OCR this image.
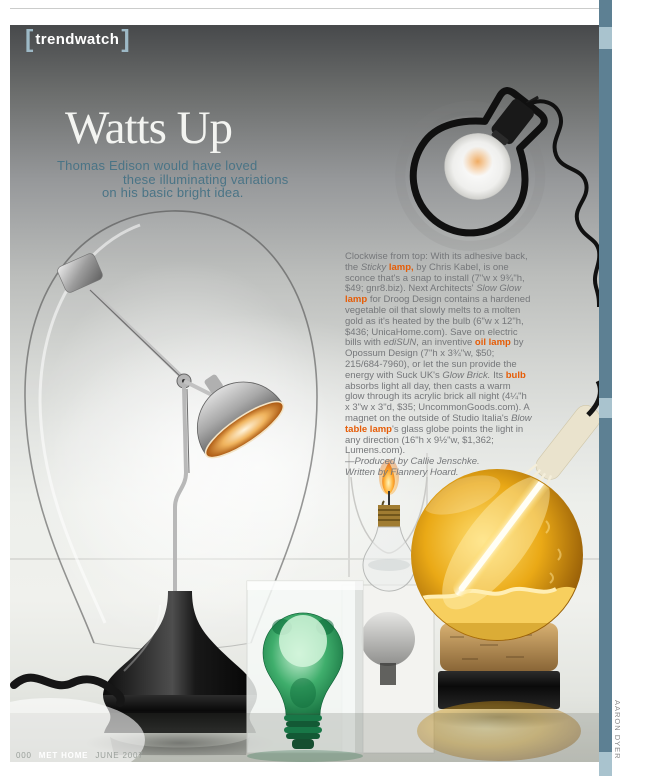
[ trendwatch ]
Watts Up
Thomas Edison would have loved
these illuminating variations
on his basic bright idea.

Clockwise from top: With its adhesive back, the Sticky lamp, by Chris Kabel, is one sconce that's a snap to install (7"w x 9¾"h, $49; gnr8.biz). Next Architects' Slow Glow lamp for Droog Design contains a hardened vegetable oil that slowly melts to a molten gold as it's heated by the bulb (6"w x 12"h, $436; UnicaHome.com). Save on electric bills with ediSUN, an inventive oil lamp by Opossum Design (7"h x 3¾"w, $50; 215/684-7960), or let the sun provide the energy with Suck UK's Glow Brick. Its bulb absorbs light all day, then casts a warm glow through its acrylic brick all night (4¼"h x 3"w x 3"d, $35; UncommonGoods.com). A magnet on the outside of Studio Italia's Blow table lamp's glass globe points the light in any direction (16"h x 9½"w, $1,362; Lumens.com).
—Produced by Callie Jenschke.
Written by Flannery Hoard.

000 MET HOME JUNE 2007	AARON DYER
